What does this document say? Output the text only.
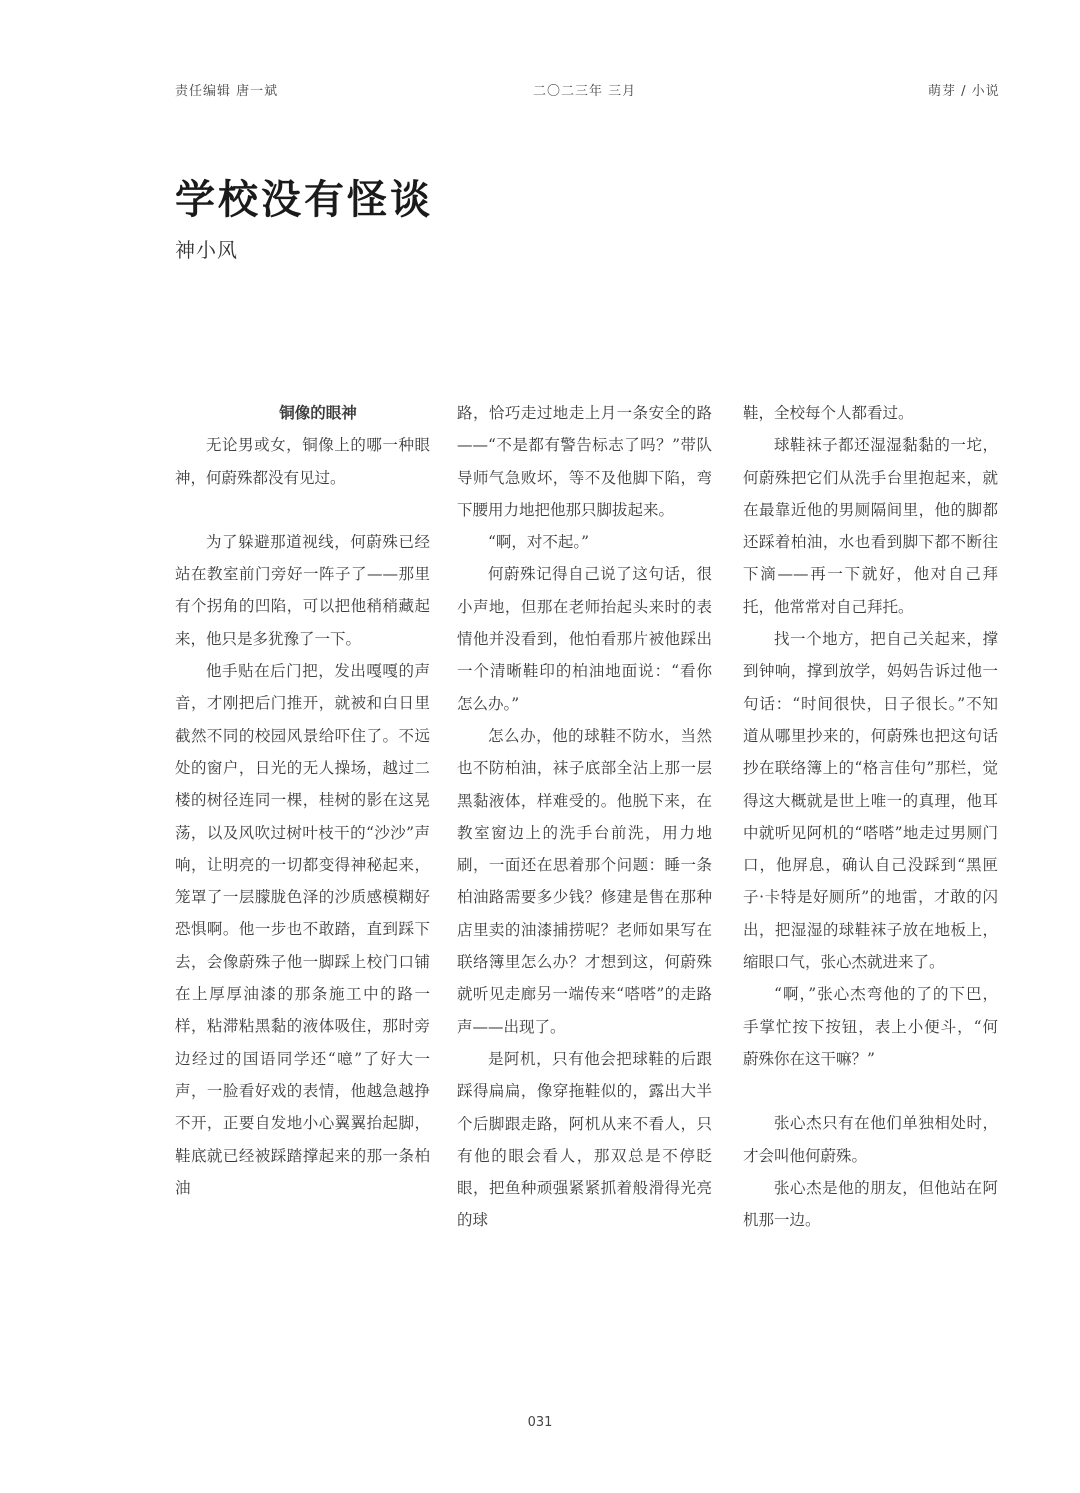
责任编辑 唐一斌	二〇二三年 三月	萌芽 / 小说
学校没有怪谈
神小风

铜像的眼神

无论男或女，铜像上的哪一种眼神，何蔚殊都没有见过。

为了躲避那道视线，何蔚殊已经站在教室前门旁好一阵子了——那里有个拐角的凹陷，可以把他稍稍藏起来，他只是多犹豫了一下。

他手贴在后门把，发出嘎嘎的声音，才刚把后门推开，就被和白日里截然不同的校园风景给吓住了。不远处的窗户，日光的无人操场，越过二楼的树径连同一棵，桂树的影在这晃荡，以及风吹过树叶枝干的“沙沙”声响，让明亮的一切都变得神秘起来，笼罩了一层朦胧色泽的沙质感模糊好恐惧啊。他一步也不敢踏，直到踩下去，会像蔚殊子他一脚踩上校门口铺在上厚厚油漆的那条施工中的路一样，粘滞粘黑黏的液体吸住，那时旁边经过的国语同学还“噫”了好大一声，一脸看好戏的表情，他越急越挣不开，正要自发地小心翼翼抬起脚，鞋底就已经被踩踏撑起来的那一条柏油

路，恰巧走过地走上月一条安全的路——“不是都有警告标志了吗？”带队导师气急败坏，等不及他脚下陷，弯下腰用力地把他那只脚拔起来。

“啊，对不起。”

何蔚殊记得自己说了这句话，很小声地，但那在老师抬起头来时的表情他并没看到，他怕看那片被他踩出一个清晰鞋印的柏油地面说：“看你怎么办。”

怎么办，他的球鞋不防水，当然也不防柏油，袜子底部全沾上那一层黑黏液体，样难受的。他脱下来，在教室窗边上的洗手台前洗，用力地刷，一面还在思着那个问题：睡一条柏油路需要多少钱？修建是售在那种店里卖的油漆捕捞呢？老师如果写在联络簿里怎么办？才想到这，何蔚殊就听见走廊另一端传来“嗒嗒”的走路声——出现了。

是阿机，只有他会把球鞋的后跟踩得扁扁，像穿拖鞋似的，露出大半个后脚跟走路，阿机从来不看人，只有他的眼会看人，那双总是不停眨眼，把鱼种顽强紧紧抓着般滑得光亮的球

鞋，全校每个人都看过。

球鞋袜子都还湿湿黏黏的一坨，何蔚殊把它们从洗手台里抱起来，就在最靠近他的男厕隔间里，他的脚都还踩着柏油，水也看到脚下都不断往下滴——再一下就好，他对自己拜托，他常常对自己拜托。

找一个地方，把自己关起来，撑到钟响，撑到放学，妈妈告诉过他一句话：“时间很快，日子很长。”不知道从哪里抄来的，何蔚殊也把这句话抄在联络簿上的“格言佳句”那栏，觉得这大概就是世上唯一的真理，他耳中就听见阿机的“嗒嗒”地走过男厕门口，他屏息，确认自己没踩到“黑匣子·卡特是好厕所”的地雷，才敢的闪出，把湿湿的球鞋袜子放在地板上，缩眼口气，张心杰就进来了。

“啊，”张心杰弯他的了的下巴，手掌忙按下按钮，表上小便斗，“何蔚殊你在这干嘛？”

张心杰只有在他们单独相处时，才会叫他何蔚殊。

张心杰是他的朋友，但他站在阿机那一边。

031
